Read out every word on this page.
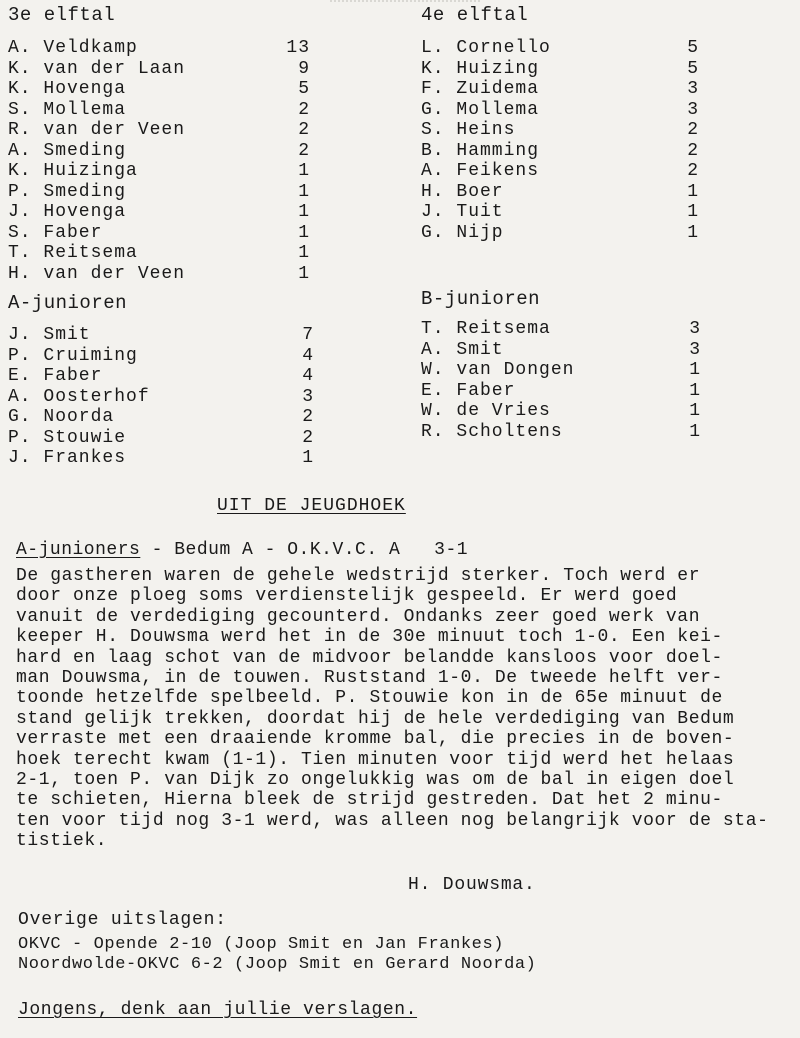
3e elftal
A. Veldkamp	13
K. van der Laan	9
K. Hovenga	5
S. Mollema	2
R. van der Veen	2
A. Smeding	2
K. Huizinga	1
P. Smeding	1
J. Hovenga	1
S. Faber	1
T. Reitsema	1
H. van der Veen	1
4e elftal
L. Cornello	5
K. Huizing	5
F. Zuidema	3
G. Mollema	3
S. Heins	2
B. Hamming	2
A. Feikens	2
H. Boer	1
J. Tuit	1
G. Nijp	1
A-junioren
J. Smit	7
P. Cruiming	4
E. Faber	4
A. Oosterhof	3
G. Noorda	2
P. Stouwie	2
J. Frankes	1
B-junioren
T. Reitsema	3
A. Smit	3
W. van Dongen	1
E. Faber	1
W. de Vries	1
R. Scholtens	1
UIT DE JEUGDHOEK
A-junioners - Bedum A - O.K.V.C. A   3-1
De gastheren waren de gehele wedstrijd sterker. Toch werd er
door onze ploeg soms verdienstelijk gespeeld. Er werd goed
vanuit de verdediging gecounterd. Ondanks zeer goed werk van
keeper H. Douwsma werd het in de 30e minuut toch 1-0. Een kei-
hard en laag schot van de midvoor belandde kansloos voor doel-
man Douwsma, in de touwen. Ruststand 1-0. De tweede helft ver-
toonde hetzelfde spelbeeld. P. Stouwie kon in de 65e minuut de
stand gelijk trekken, doordat hij de hele verdediging van Bedum
verraste met een draaiende kromme bal, die precies in de boven-
hoek terecht kwam (1-1). Tien minuten voor tijd werd het helaas
2-1, toen P. van Dijk zo ongelukkig was om de bal in eigen doel
te schieten, Hierna bleek de strijd gestreden. Dat het 2 minu-
ten voor tijd nog 3-1 werd, was alleen nog belangrijk voor de sta-
tistiek.
H. Douwsma.
Overige uitslagen:
OKVC - Opende 2-10 (Joop Smit en Jan Frankes)
Noordwolde-OKVC 6-2 (Joop Smit en Gerard Noorda)
Jongens, denk aan jullie verslagen.
